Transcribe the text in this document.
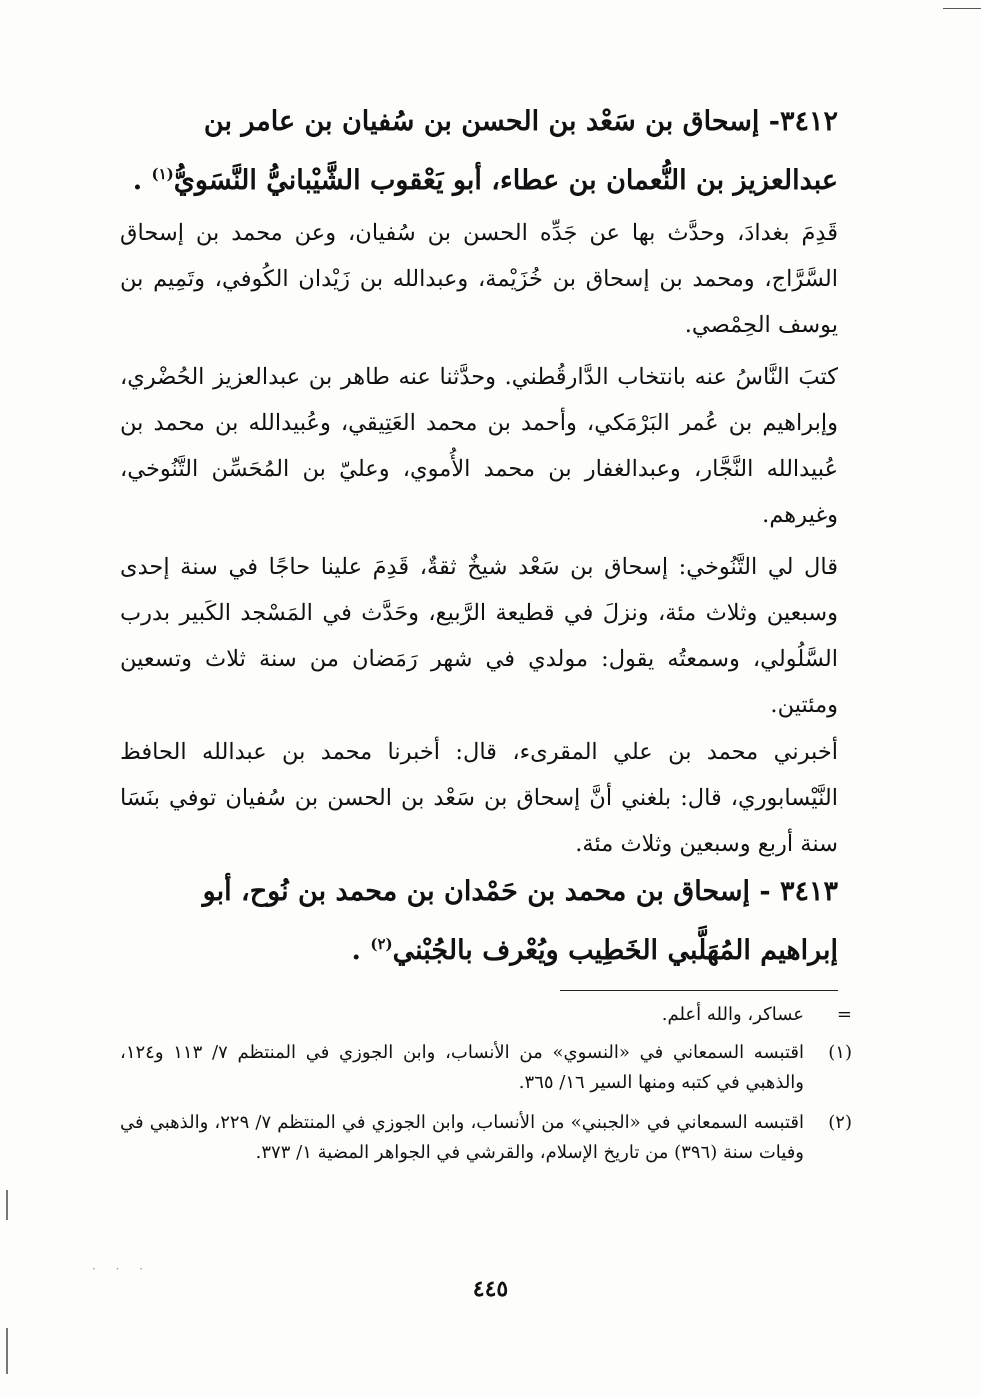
· · ·
٣٤١٢- إسحاق بن سَعْد بن الحسن بن سُفيان بن عامر بن
عبدالعزيز بن النُّعمان بن عطاء، أبو يَعْقوب الشَّيْبانيُّ النَّسَويُّ$^{(١)}$ .
قَدِمَ بغدادَ، وحدَّث بها عن جَدِّه الحسن بن سُفيان، وعن محمد بن إسحاق السَّرَّاج، ومحمد بن إسحاق بن خُزَيْمة، وعبدالله بن زَيْدان الكُوفي، وتَمِيم بن يوسف الحِمْصي.
كتبَ النَّاسُ عنه بانتخاب الدَّارقُطني. وحدَّثنا عنه طاهر بن عبدالعزيز الحُضْري، وإبراهيم بن عُمر البَرْمَكي، وأحمد بن محمد العَتِيقي، وعُبيدالله بن محمد بن عُبيدالله النَّجَّار، وعبدالغفار بن محمد الأُموي، وعليّ بن المُحَسِّن التَّنُوخي، وغيرهم.
قال لي التَّنُوخي: إسحاق بن سَعْد شيخٌ ثقةٌ، قَدِمَ علينا حاجًا في سنة إحدى وسبعين وثلاث مئة، ونزلَ في قطيعة الرَّبيع، وحَدَّث في المَسْجد الكَبير بدرب السَّلُولي، وسمعتُه يقول: مولدي في شهر رَمَضان من سنة ثلاث وتسعين ومئتين.
أخبرني محمد بن علي المقرىء، قال: أخبرنا محمد بن عبدالله الحافظ النَّيْسابوري، قال: بلغني أنَّ إسحاق بن سَعْد بن الحسن بن سُفيان توفي بنَسَا سنة أربع وسبعين وثلاث مئة.
٣٤١٣ - إسحاق بن محمد بن حَمْدان بن محمد بن نُوح، أبو
إبراهيم المُهَلَّبي الخَطِيب ويُعْرف بالجُبْني$^{(٢)}$ .
=
عساكر، والله أعلم.
(١)
اقتبسه السمعاني في «النسوي» من الأنساب، وابن الجوزي في المنتظم ٧/ ١١٣ و١٢٤، والذهبي في كتبه ومنها السير ١٦/ ٣٦٥.
(٢)
اقتبسه السمعاني في «الجبني» من الأنساب، وابن الجوزي في المنتظم ٧/ ٢٢٩، والذهبي في وفيات سنة (٣٩٦) من تاريخ الإسلام، والقرشي في الجواهر المضية ١/ ٣٧٣.
٤٤٥
